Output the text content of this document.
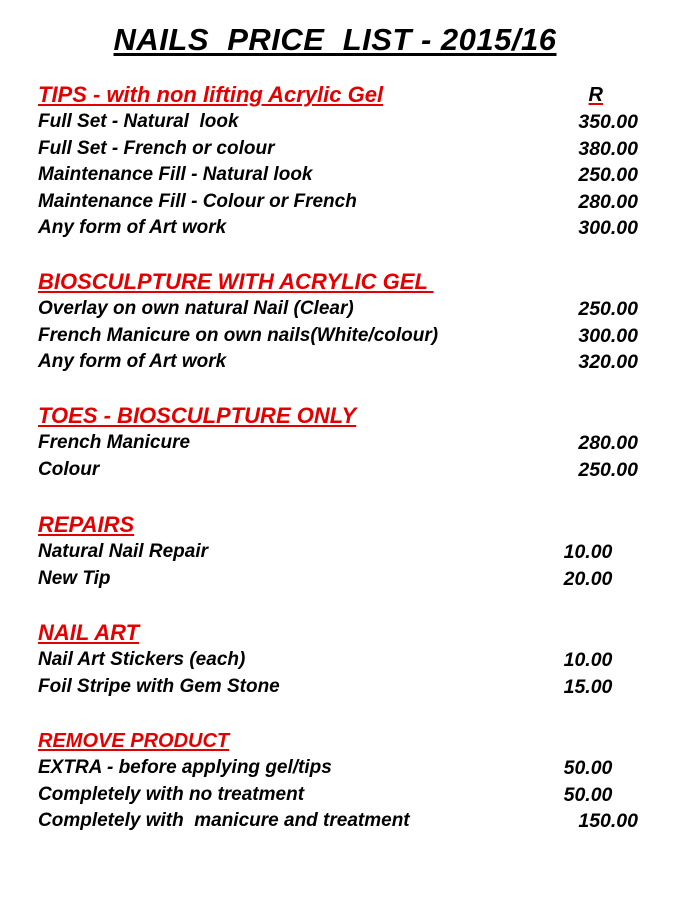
NAILS  PRICE  LIST - 2015/16
TIPS - with non lifting Acrylic Gel	R
Full Set - Natural  look	350.00
Full Set - French or colour	380.00
Maintenance Fill - Natural look	250.00
Maintenance Fill - Colour or French	280.00
Any form of Art work	300.00
BIOSCULPTURE WITH ACRYLIC GEL
Overlay on own natural Nail (Clear)	250.00
French Manicure on own nails(White/colour)	300.00
Any form of Art work	320.00
TOES - BIOSCULPTURE ONLY
French Manicure	280.00
Colour	250.00
REPAIRS
Natural Nail Repair	10.00
New Tip	20.00
NAIL ART
Nail Art Stickers (each)	10.00
Foil Stripe with Gem Stone	15.00
REMOVE PRODUCT
EXTRA - before applying gel/tips	50.00
Completely with no treatment	50.00
Completely with  manicure and treatment	150.00
